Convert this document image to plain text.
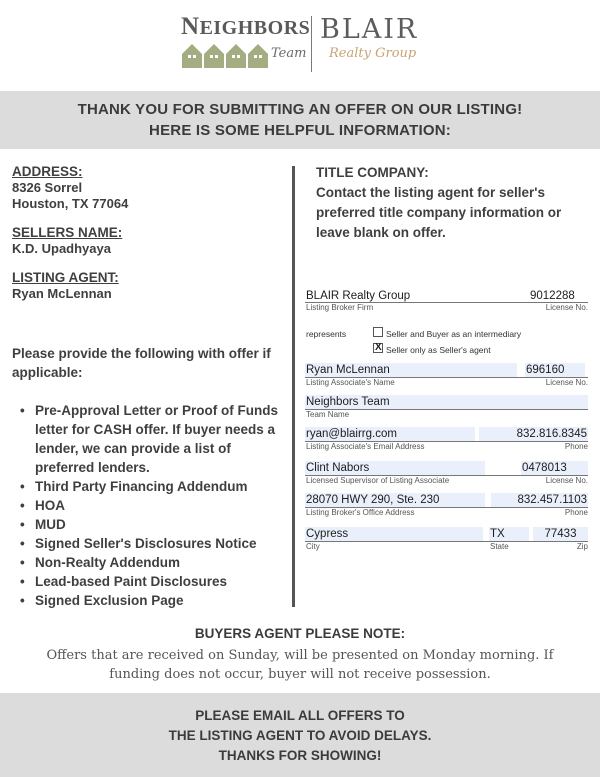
NEIGHBORS
Team
BLAIR
Realty Group

THANK YOU FOR SUBMITTING AN OFFER ON OUR LISTING!

HERE IS SOME HELPFUL INFORMATION:

ADDRESS:
8326 Sorrel
Houston, TX 77064
SELLERS NAME:
K.D. Upadhyaya
LISTING AGENT:
Ryan McLennan
Please provide the following with offer if applicable:
• Pre-Approval Letter or Proof of Funds letter for CASH offer. If buyer needs a lender, we can provide a list of preferred lenders.
• Third Party Financing Addendum
• HOA
• MUD
• Signed Seller's Disclosures Notice
• Non-Realty Addendum
• Lead-based Paint Disclosures
• Signed Exclusion Page
TITLE COMPANY:
Contact the listing agent for seller's preferred title company information or leave blank on offer.
BLAIR Realty Group	9012288
Listing Broker Firm	License No.
represents	Seller and Buyer as an intermediary
X
Seller only as Seller's agent
Ryan McLennan	696160
Listing Associate's Name	License No.
Neighbors Team
Team Name
ryan@blairrg.com	832.816.8345
Listing Associate's Email Address	Phone
Clint Nabors	0478013
Licensed Supervisor of Listing Associate	License No.
28070 HWY 290, Ste. 230	832.457.1103
Listing Broker's Office Address	Phone
Cypress	TX	77433
City	State	Zip
BUYERS AGENT PLEASE NOTE:
Offers that are received on Sunday, will be presented on Monday morning. If funding does not occur, buyer will not receive possession.

PLEASE EMAIL ALL OFFERS TO

THE LISTING AGENT TO AVOID DELAYS.

THANKS FOR SHOWING!
